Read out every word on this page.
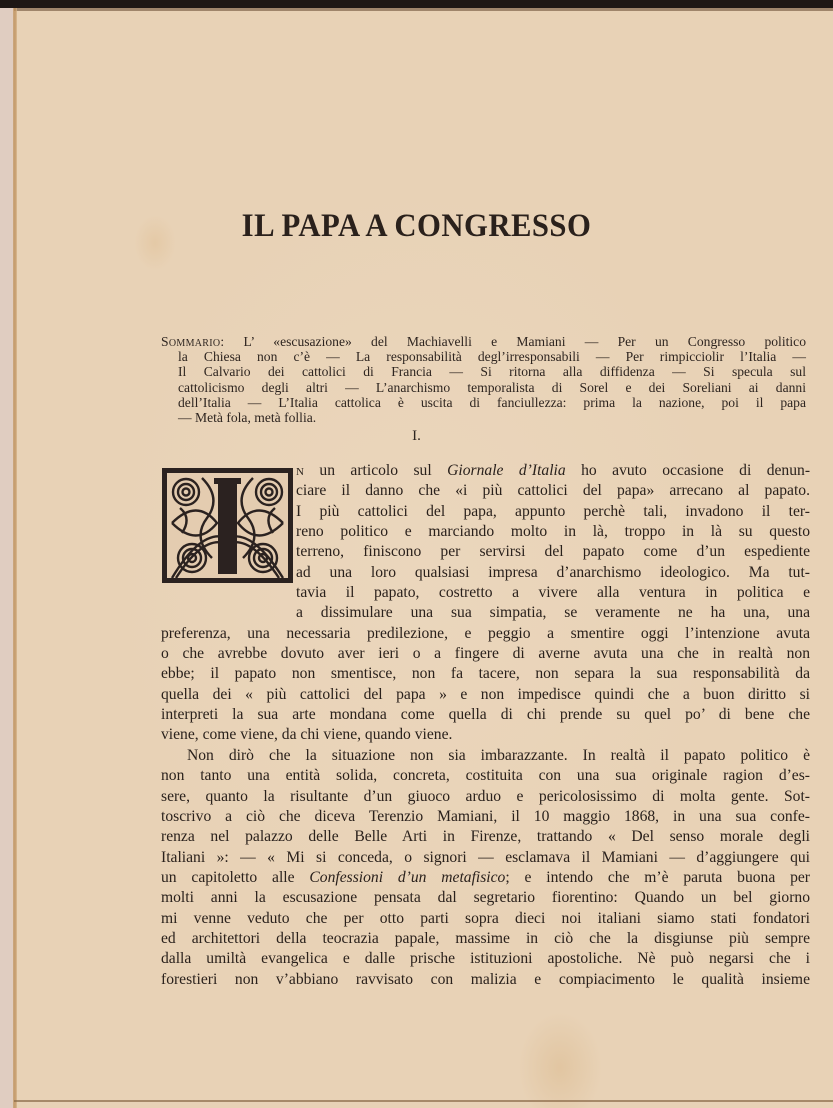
IL PAPA A CONGRESSO
Sommario: L’ «escusazione» del Machiavelli e Mamiani — Per un Congresso politico
la Chiesa non c’è — La responsabilità degl’irresponsabili — Per rimpicciolir l’Italia —
Il Calvario dei cattolici di Francia — Si ritorna alla diffidenza — Si specula sul
cattolicismo degli altri — L’anarchismo temporalista di Sorel e dei Soreliani ai danni
dell’Italia — L’Italia cattolica è uscita di fanciullezza: prima la nazione, poi il papa
— Metà fola, metà follia.

I.

N un articolo sul Giornale d’Italia ho avuto occasione di denun-
ciare il danno che «i più cattolici del papa» arrecano al papato.
I più cattolici del papa, appunto perchè tali, invadono il ter-
reno politico e marciando molto in là, troppo in là su questo
terreno, finiscono per servirsi del papato come d’un espediente
ad una loro qualsiasi impresa d’anarchismo ideologico. Ma tut-
tavia il papato, costretto a vivere alla ventura in politica e
a dissimulare una sua simpatia, se veramente ne ha una, una
preferenza, una necessaria predilezione, e peggio a smentire oggi l’intenzione avuta
o che avrebbe dovuto aver ieri o a fingere di averne avuta una che in realtà non
ebbe; il papato non smentisce, non fa tacere, non separa la sua responsabilità da
quella dei « più cattolici del papa » e non impedisce quindi che a buon diritto si
interpreti la sua arte mondana come quella di chi prende su quel po’ di bene che
viene, come viene, da chi viene, quando viene.
Non dirò che la situazione non sia imbarazzante. In realtà il papato politico è
non tanto una entità solida, concreta, costituita con una sua originale ragion d’es-
sere, quanto la risultante d’un giuoco arduo e pericolosissimo di molta gente. Sot-
toscrivo a ciò che diceva Terenzio Mamiani, il 10 maggio 1868, in una sua confe-
renza nel palazzo delle Belle Arti in Firenze, trattando « Del senso morale degli
Italiani »: — « Mi si conceda, o signori — esclamava il Mamiani — d’aggiungere qui
un capitoletto alle Confessioni d’un metafisico; e intendo che m’è paruta buona per
molti anni la escusazione pensata dal segretario fiorentino: Quando un bel giorno
mi venne veduto che per otto parti sopra dieci noi italiani siamo stati fondatori
ed architettori della teocrazia papale, massime in ciò che la disgiunse più sempre
dalla umiltà evangelica e dalle prische istituzioni apostoliche. Nè può negarsi che i
forestieri non v’abbiano ravvisato con malizia e compiacimento le qualità insieme
